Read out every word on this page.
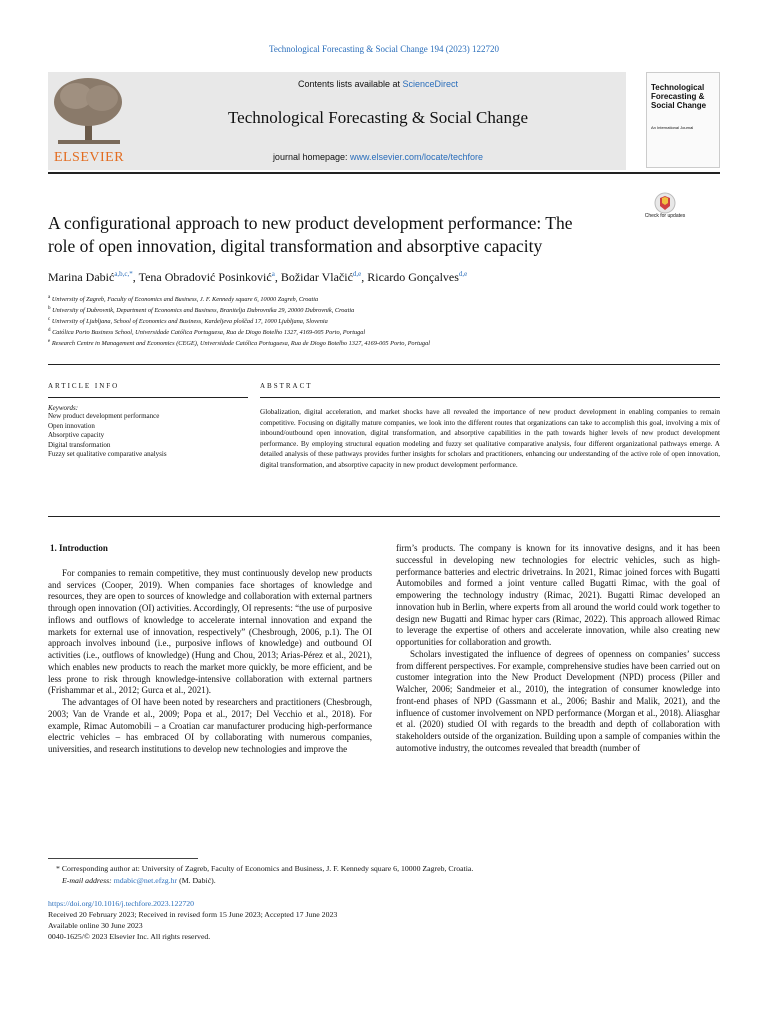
Technological Forecasting & Social Change 194 (2023) 122720
ELSEVIER
Contents lists available at ScienceDirect
Technological Forecasting & Social Change
journal homepage: www.elsevier.com/locate/techfore
Technological Forecasting & Social Change
An International Journal
A configurational approach to new product development performance: The
role of open innovation, digital transformation and absorptive capacity
Check for updates
Marina Dabić$^{a,b,c,*}$, Tena Obradović Posinković$^a$, Božidar Vlačić$^{d,e}$, Ricardo Gonçalves$^{d,e}$
$^a$ University of Zagreb, Faculty of Economics and Business, J. F. Kennedy square 6, 10000 Zagreb, Croatia
$^b$ University of Dubrovnik, Department of Economics and Business, Branitelja Dubrovnika 29, 20000 Dubrovnik, Croatia
$^c$ University of Ljubljana, School of Economics and Business, Kardeljeva ploščad 17, 1000 Ljubljana, Slovenia
$^d$ Católica Porto Business School, Universidade Católica Portuguesa, Rua de Diogo Botelho 1327, 4169-005 Porto, Portugal
$^e$ Research Centre in Management and Economics (CEGE), Universidade Católica Portuguesa, Rua de Diogo Botelho 1327, 4169-005 Porto, Portugal
ARTICLE INFO	ABSTRACT
Keywords:
New product development performance
Open innovation
Absorptive capacity
Digital transformation
Fuzzy set qualitative comparative analysis
Globalization, digital acceleration, and market shocks have all revealed the importance of new product development in enabling companies to remain competitive. Focusing on digitally mature companies, we look into the different routes that organizations can take to accomplish this goal, involving a mix of inbound/outbound open innovation, digital transformation, and absorptive capabilities in the path towards higher levels of new product development performance. By employing structural equation modeling and fuzzy set qualitative comparative analysis, four different organizational pathways emerge. A detailed analysis of these pathways provides further insights for scholars and practitioners, enhancing our understanding of the active role of open innovation, digital transformation, and absorptive capacity in new product development performance.
1. Introduction

For companies to remain competitive, they must continuously develop new products and services (Cooper, 2019). When companies face shortages of knowledge and resources, they are open to sources of knowledge and collaboration with external partners through open innovation (OI) activities. Accordingly, OI represents: “the use of purposive inflows and outflows of knowledge to accelerate internal innovation and expand the markets for external use of innovation, respectively” (Chesbrough, 2006, p.1). The OI approach involves inbound (i.e., purposive inflows of knowledge) and outbound OI activities (i.e., outflows of knowledge) (Hung and Chou, 2013; Arias-Pérez et al., 2021), which enables new products to reach the market more quickly, be more efficient, and be less prone to risk through knowledge-intensive collaboration with external partners (Frishammar et al., 2012; Gurca et al., 2021).

The advantages of OI have been noted by researchers and practitioners (Chesbrough, 2003; Van de Vrande et al., 2009; Popa et al., 2017; Del Vecchio et al., 2018). For example, Rimac Automobili – a Croatian car manufacturer producing high-performance electric vehicles – has embraced OI by collaborating with numerous companies, universities, and research institutions to develop new technologies and improve the

firm’s products. The company is known for its innovative designs, and it has been successful in developing new technologies for electric vehicles, such as high-performance batteries and electric drivetrains. In 2021, Rimac joined forces with Bugatti Automobiles and formed a joint venture called Bugatti Rimac, with the goal of empowering the technology industry (Rimac, 2021). Bugatti Rimac developed an innovation hub in Berlin, where experts from all around the world could work together to design new Bugatti and Rimac hyper cars (Rimac, 2022). This approach allowed Rimac to leverage the expertise of others and accelerate innovation, while also creating new opportunities for collaboration and growth.

Scholars investigated the influence of degrees of openness on companies’ success from different perspectives. For example, comprehensive studies have been carried out on customer integration into the New Product Development (NPD) process (Piller and Walcher, 2006; Sandmeier et al., 2010), the integration of consumer knowledge into front-end phases of NPD (Gassmann et al., 2006; Bashir and Malik, 2021), and the influence of customer involvement on NPD performance (Morgan et al., 2018). Aliasghar et al. (2020) studied OI with regards to the breadth and depth of collaboration with stakeholders outside of the organization. Building upon a sample of companies within the automotive industry, the outcomes revealed that breadth (number of

* Corresponding author at: University of Zagreb, Faculty of Economics and Business, J. F. Kennedy square 6, 10000 Zagreb, Croatia.
E-mail address: mdabic@net.efzg.hr (M. Dabić).
https://doi.org/10.1016/j.techfore.2023.122720
Received 20 February 2023; Received in revised form 15 June 2023; Accepted 17 June 2023
Available online 30 June 2023
0040-1625/© 2023 Elsevier Inc. All rights reserved.
